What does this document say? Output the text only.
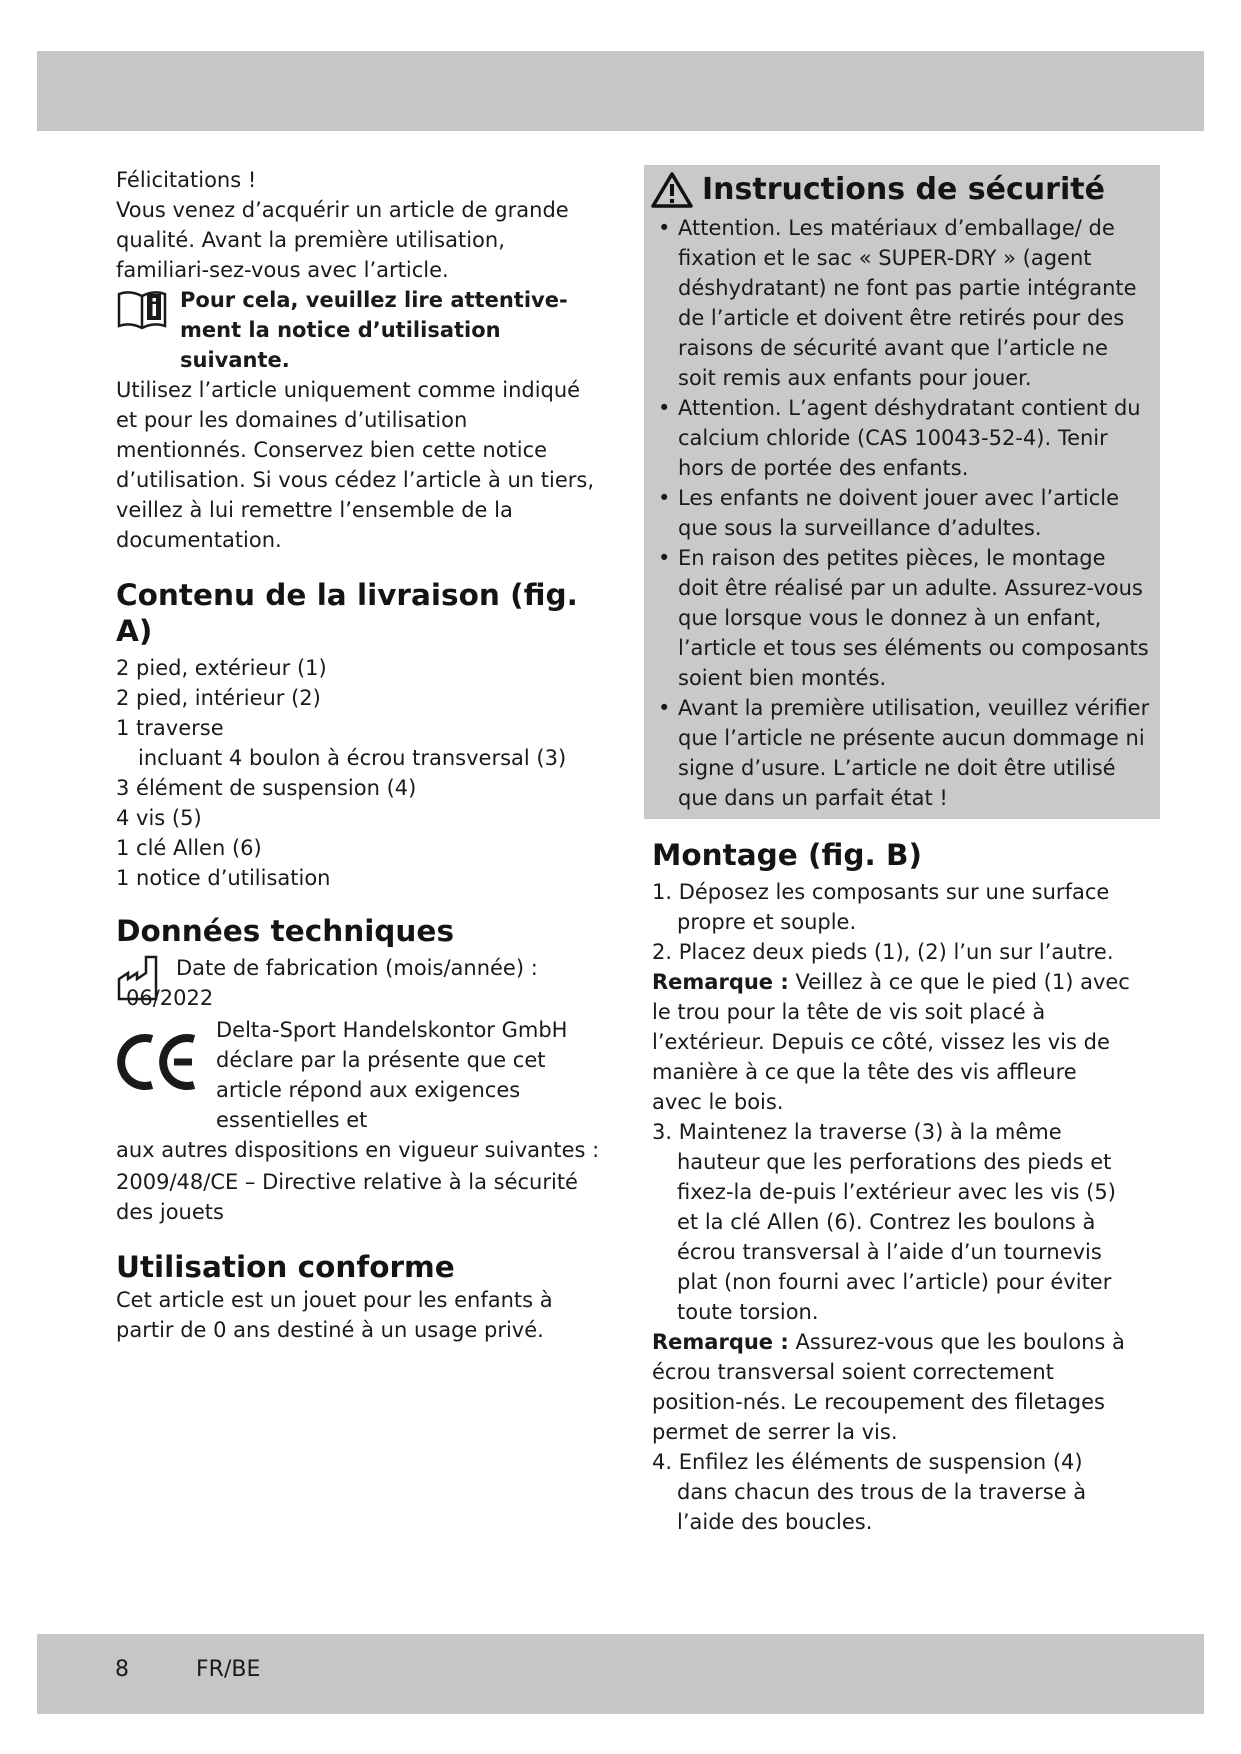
Félicitations !

Vous venez d’acquérir un article de grande qualité. Avant la première utilisation, familiari-sez-vous avec l’article.

Pour cela, veuillez lire attentive-ment la notice d’utilisation suivante.

Utilisez l’article uniquement comme indiqué et pour les domaines d’utilisation mentionnés. Conservez bien cette notice d’utilisation. Si vous cédez l’article à un tiers, veillez à lui remettre l’ensemble de la documentation.

Contenu de la livraison (fig. A)

2 pied, extérieur (1)

2 pied, intérieur (2)

1 traverse

incluant 4 boulon à écrou transversal (3)

3 élément de suspension (4)

4 vis (5)

1 clé Allen (6)

1 notice d’utilisation

Données techniques

Date de fabrication (mois/année) :

06/2022

Delta-Sport Handelskontor GmbH déclare par la présente que cet article répond aux exigences essentielles et

aux autres dispositions en vigueur suivantes :

2009/48/CE – Directive relative à la sécurité des jouets

Utilisation conforme

Cet article est un jouet pour les enfants à partir de 0 ans destiné à un usage privé.

Instructions de sécurité
• Attention. Les matériaux d’emballage/ de fixation et le sac « SUPER-DRY » (agent déshydratant) ne font pas partie intégrante de l’article et doivent être retirés pour des raisons de sécurité avant que l’article ne soit remis aux enfants pour jouer.
• Attention. L’agent déshydratant contient du calcium chloride (CAS 10043-52-4). Tenir hors de portée des enfants.
• Les enfants ne doivent jouer avec l’article que sous la surveillance d’adultes.
• En raison des petites pièces, le montage doit être réalisé par un adulte. Assurez-vous que lorsque vous le donnez à un enfant, l’article et tous ses éléments ou composants soient bien montés.
• Avant la première utilisation, veuillez vérifier que l’article ne présente aucun dommage ni signe d’usure. L’article ne doit être utilisé que dans un parfait état !
Montage (fig. B)

1. Déposez les composants sur une surface propre et souple.

2. Placez deux pieds (1), (2) l’un sur l’autre.

Remarque : Veillez à ce que le pied (1) avec le trou pour la tête de vis soit placé à l’extérieur. Depuis ce côté, vissez les vis de manière à ce que la tête des vis affleure avec le bois.

3. Maintenez la traverse (3) à la même hauteur que les perforations des pieds et fixez-la de-puis l’extérieur avec les vis (5) et la clé Allen (6). Contrez les boulons à écrou transversal à l’aide d’un tournevis plat (non fourni avec l’article) pour éviter toute torsion.

Remarque : Assurez-vous que les boulons à écrou transversal soient correctement position-nés. Le recoupement des filetages permet de serrer la vis.

4. Enfilez les éléments de suspension (4) dans chacun des trous de la traverse à l’aide des boucles.

8	FR/BE
